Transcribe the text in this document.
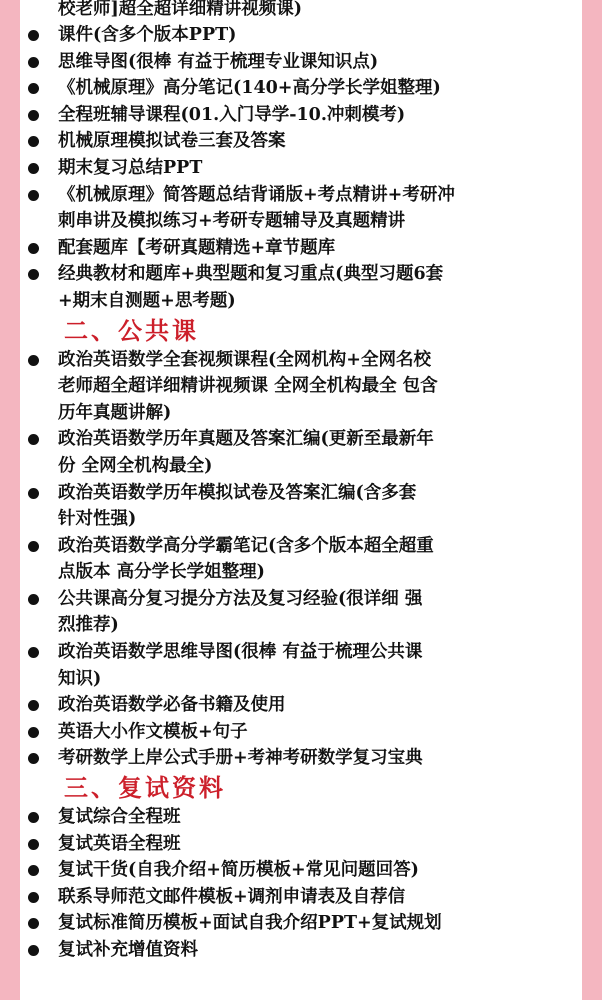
校老师]超全超详细精讲视频课)
课件(含多个版本PPT)
思维导图(很棒 有益于梳理专业课知识点)
《机械原理》高分笔记(140+高分学长学姐整理)
全程班辅导课程(01.入门导学-10.冲刺模考)
机械原理模拟试卷三套及答案
期末复习总结PPT
《机械原理》简答题总结背诵版+考点精讲+考研冲
刺串讲及模拟练习+考研专题辅导及真题精讲
配套题库【考研真题精选+章节题库
经典教材和题库+典型题和复习重点(典型习题6套
+期末自测题+思考题)
二、公共课
政治英语数学全套视频课程(全网机构+全网名校
老师超全超详细精讲视频课 全网全机构最全 包含
历年真题讲解)
政治英语数学历年真题及答案汇编(更新至最新年
份 全网全机构最全)
政治英语数学历年模拟试卷及答案汇编(含多套
针对性强)
政治英语数学高分学霸笔记(含多个版本超全超重
点版本 高分学长学姐整理)
公共课高分复习提分方法及复习经验(很详细 强
烈推荐)
政治英语数学思维导图(很棒 有益于梳理公共课
知识)
政治英语数学必备书籍及使用
英语大小作文模板+句子
考研数学上岸公式手册+考神考研数学复习宝典
三、复试资料
复试综合全程班
复试英语全程班
复试干货(自我介绍+简历模板+常见问题回答)
联系导师范文邮件模板+调剂申请表及自荐信
复试标准简历模板+面试自我介绍PPT+复试规划
复试补充增值资料
